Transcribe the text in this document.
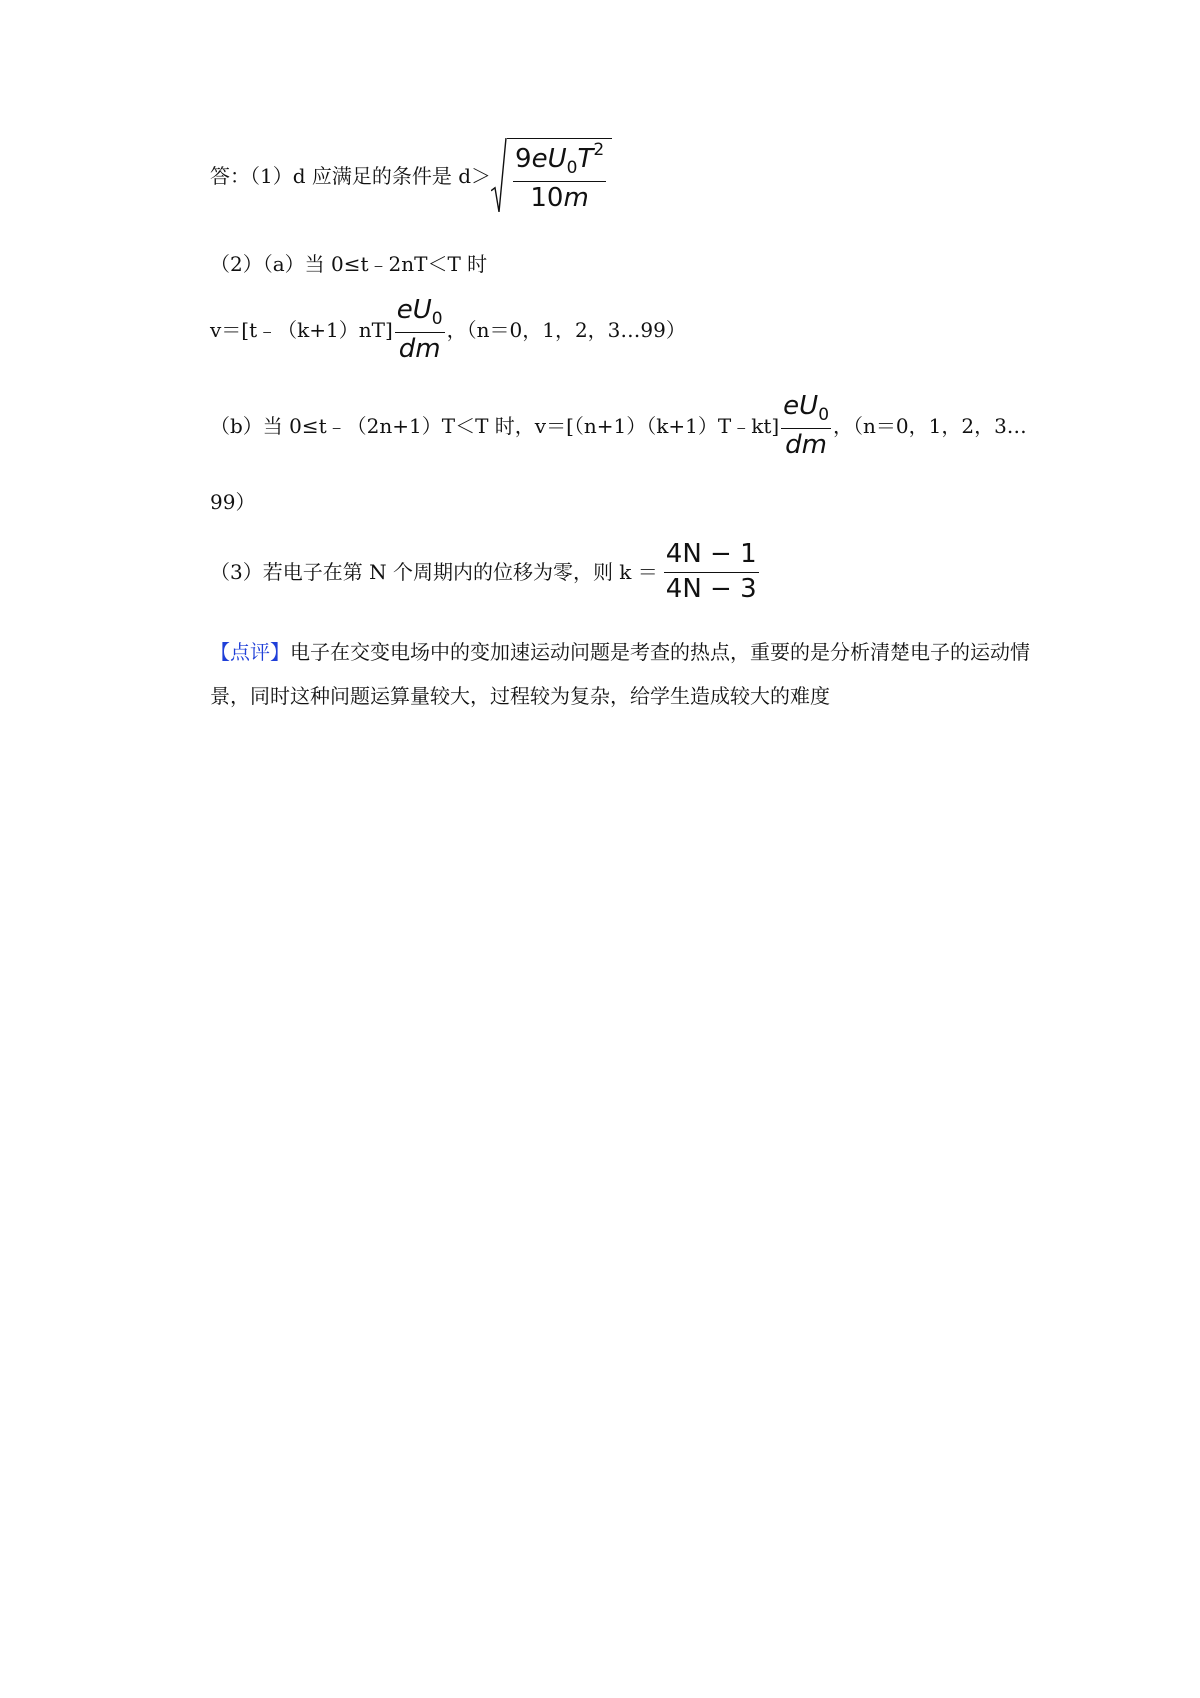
答：（1）d 应满足的条件是 $d> \frac{9eU_0T^2}{10m}$
（2）（a）当 0≤t﹣2nT＜T 时
v＝[t﹣（k+1）nT] $\frac{eU_0}{dm}$ ，（n＝0，1，2，3…99）
（b）当 0≤t﹣（2n+1）T＜T 时，v＝[（n+1）（k+1）T﹣kt] $\frac{eU_0}{dm}$ ，（n＝0，1，2，3…
99）
（3）若电子在第 N 个周期内的位移为零，则 $k = \frac{4N - 1}{4N - 3}$
【点评】电子在交变电场中的变加速运动问题是考查的热点，重要的是分析清楚电子的运动情景，同时这种问题运算量较大，过程较为复杂，给学生造成较大的难度
